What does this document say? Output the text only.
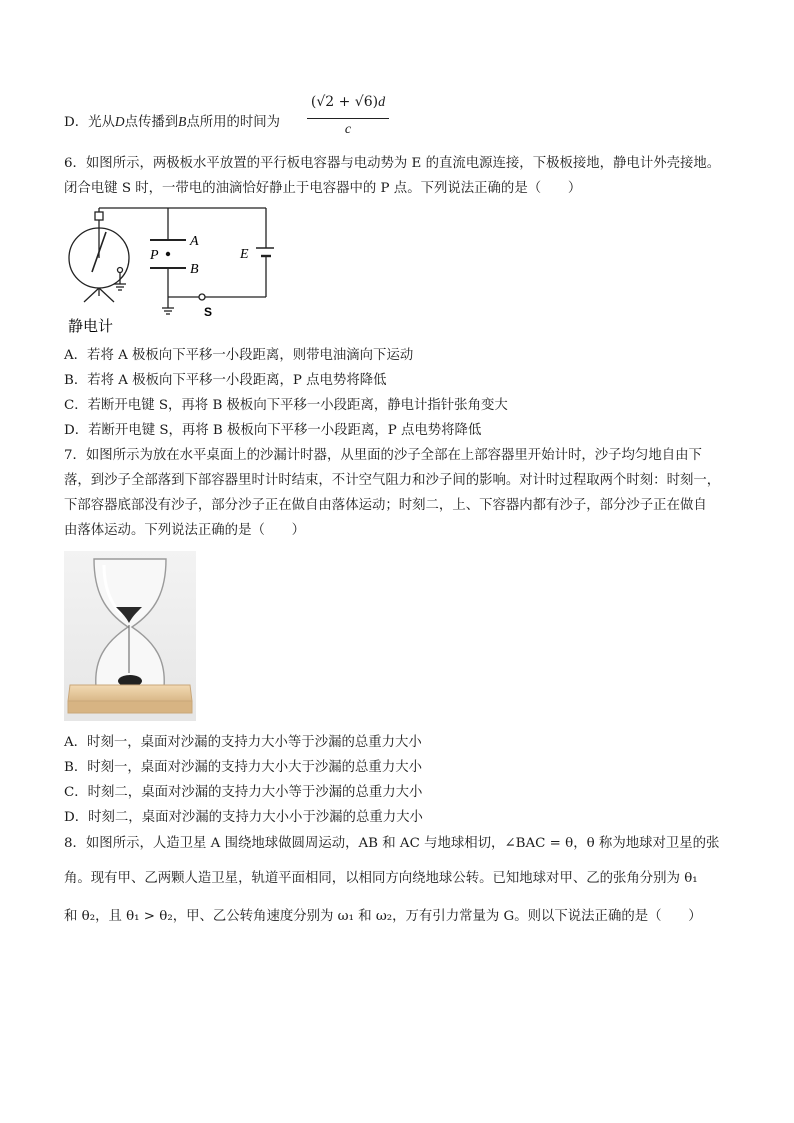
D．光从D点传播到B点所用的时间为
(√2 + √6)d
c
6．如图所示，两极板水平放置的平行板电容器与电动势为 E 的直流电源连接，下极板接地，静电计外壳接地。
闭合电键 S 时，一带电的油滴恰好静止于电容器中的 P 点。下列说法正确的是（　　）
A
B
P	E
S
静电计
A．若将 A 极板向下平移一小段距离，则带电油滴向下运动
B．若将 A 极板向下平移一小段距离，P 点电势将降低
C．若断开电键 S，再将 B 极板向下平移一小段距离，静电计指针张角变大
D．若断开电键 S，再将 B 极板向下平移一小段距离，P 点电势将降低
7．如图所示为放在水平桌面上的沙漏计时器，从里面的沙子全部在上部容器里开始计时，沙子均匀地自由下
落，到沙子全部落到下部容器里时计时结束，不计空气阻力和沙子间的影响。对计时过程取两个时刻：时刻一，
下部容器底部没有沙子，部分沙子正在做自由落体运动；时刻二，上、下容器内都有沙子，部分沙子正在做自
由落体运动。下列说法正确的是（　　）
A．时刻一，桌面对沙漏的支持力大小等于沙漏的总重力大小
B．时刻一，桌面对沙漏的支持力大小大于沙漏的总重力大小
C．时刻二，桌面对沙漏的支持力大小等于沙漏的总重力大小
D．时刻二，桌面对沙漏的支持力大小小于沙漏的总重力大小
8．如图所示，人造卫星 A 围绕地球做圆周运动，AB 和 AC 与地球相切，∠BAC = θ，θ 称为地球对卫星的张
角。现有甲、乙两颗人造卫星，轨道平面相同，以相同方向绕地球公转。已知地球对甲、乙的张角分别为 θ₁
和 θ₂，且 θ₁ > θ₂，甲、乙公转角速度分别为 ω₁ 和 ω₂，万有引力常量为 G。则以下说法正确的是（　　）
